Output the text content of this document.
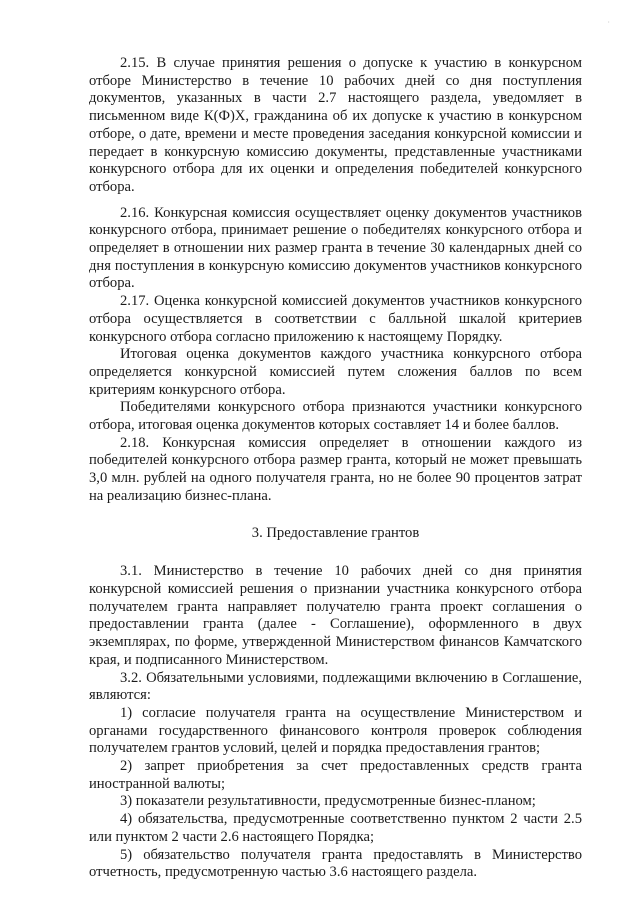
·

2.15. В случае принятия решения о допуске к участию в конкурсном отборе Министерство в течение 10 рабочих дней со дня поступления документов, указанных в части 2.7 настоящего раздела, уведомляет в письменном виде К(Ф)Х, гражданина об их допуске к участию в конкурсном отборе, о дате, времени и месте проведения заседания конкурсной комиссии и передает в конкурсную комиссию документы, представленные участниками конкурсного отбора для их оценки и определения победителей конкурсного отбора.

2.16. Конкурсная комиссия осуществляет оценку документов участников конкурсного отбора, принимает решение о победителях конкурсного отбора и определяет в отношении них размер гранта в течение 30 календарных дней со дня поступления в конкурсную комиссию документов участников конкурсного отбора.

2.17. Оценка конкурсной комиссией документов участников конкурсного отбора осуществляется в соответствии с балльной шкалой критериев конкурсного отбора согласно приложению к настоящему Порядку.

Итоговая оценка документов каждого участника конкурсного отбора определяется конкурсной комиссией путем сложения баллов по всем критериям конкурсного отбора.

Победителями конкурсного отбора признаются участники конкурсного отбора, итоговая оценка документов которых составляет 14 и более баллов.

2.18. Конкурсная комиссия определяет в отношении каждого из победителей конкурсного отбора размер гранта, который не может превышать 3,0 млн. рублей на одного получателя гранта, но не более 90 процентов затрат на реализацию бизнес-плана.

3. Предоставление грантов

3.1. Министерство в течение 10 рабочих дней со дня принятия конкурсной комиссией решения о признании участника конкурсного отбора получателем гранта направляет получателю гранта проект соглашения о предоставлении гранта (далее - Соглашение), оформленного в двух экземплярах, по форме, утвержденной Министерством финансов Камчатского края, и подписанного Министерством.

3.2. Обязательными условиями, подлежащими включению в Соглашение, являются:

1) согласие получателя гранта на осуществление Министерством и органами государственного финансового контроля проверок соблюдения получателем грантов условий, целей и порядка предоставления грантов;

2) запрет приобретения за счет предоставленных средств гранта иностранной валюты;

3) показатели результативности, предусмотренные бизнес-планом;

4) обязательства, предусмотренные соответственно пунктом 2 части 2.5 или пунктом 2 части 2.6 настоящего Порядка;

5) обязательство получателя гранта предоставлять в Министерство отчетность, предусмотренную частью 3.6 настоящего раздела.
